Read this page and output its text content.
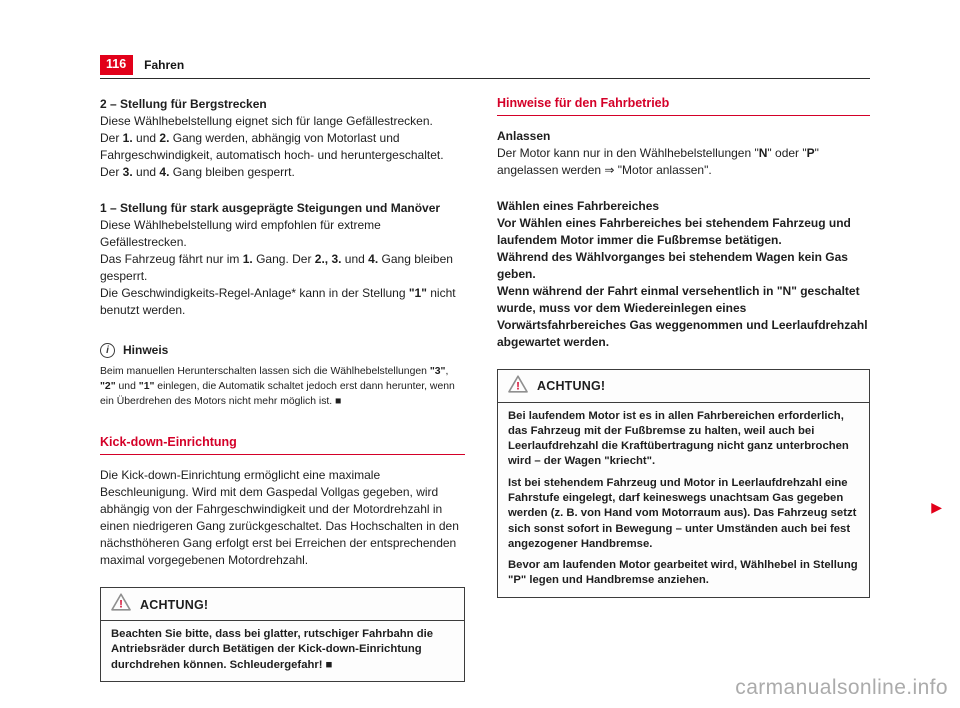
116	Fahren
2 – Stellung für Bergstrecken

Diese Wählhebelstellung eignet sich für lange Gefällestrecken.

Der 1. und 2. Gang werden, abhängig von Motorlast und Fahrgeschwindigkeit, automatisch hoch- und heruntergeschaltet. Der 3. und 4. Gang bleiben gesperrt.

1 – Stellung für stark ausgeprägte Steigungen und Manöver

Diese Wählhebelstellung wird empfohlen für extreme Gefällestrecken.

Das Fahrzeug fährt nur im 1. Gang. Der 2., 3. und 4. Gang bleiben gesperrt.

Die Geschwindigkeits-Regel-Anlage* kann in der Stellung "1" nicht benutzt werden.

i	Hinweis

Beim manuellen Herunterschalten lassen sich die Wählhebelstellungen "3", "2" und "1" einlegen, die Automatik schaltet jedoch erst dann herunter, wenn ein Überdrehen des Motors nicht mehr möglich ist. ■

Kick-down-Einrichtung

Die Kick-down-Einrichtung ermöglicht eine maximale Beschleunigung. Wird mit dem Gaspedal Vollgas gegeben, wird abhängig von der Fahrgeschwindigkeit und der Motordrehzahl in einen niedrigeren Gang zurückgeschaltet. Das Hochschalten in den nächsthöheren Gang erfolgt erst bei Erreichen der entsprechenden maximal vorgegebenen Motordrehzahl.

! ACHTUNG!

Beachten Sie bitte, dass bei glatter, rutschiger Fahrbahn die Antriebsräder durch Betätigen der Kick-down-Einrichtung durchdrehen können. Schleudergefahr! ■

Hinweise für den Fahrbetrieb
Anlassen

Der Motor kann nur in den Wählhebelstellungen "N" oder "P" angelassen werden ⇒ "Motor anlassen".

Wählen eines Fahrbereiches

Vor Wählen eines Fahrbereiches bei stehendem Fahrzeug und laufendem Motor immer die Fußbremse betätigen.

Während des Wählvorganges bei stehendem Wagen kein Gas geben.

Wenn während der Fahrt einmal versehentlich in "N" geschaltet wurde, muss vor dem Wiedereinlegen eines Vorwärtsfahrbereiches Gas weggenommen und Leerlaufdrehzahl abgewartet werden.

! ACHTUNG!

Bei laufendem Motor ist es in allen Fahrbereichen erforderlich, das Fahrzeug mit der Fußbremse zu halten, weil auch bei Leerlaufdrehzahl die Kraftübertragung nicht ganz unterbrochen wird – der Wagen "kriecht".

Ist bei stehendem Fahrzeug und Motor in Leerlaufdrehzahl eine Fahrstufe eingelegt, darf keineswegs unachtsam Gas gegeben werden (z. B. von Hand vom Motorraum aus). Das Fahrzeug setzt sich sonst sofort in Bewegung – unter Umständen auch bei fest angezogener Handbremse.

Bevor am laufenden Motor gearbeitet wird, Wählhebel in Stellung "P" legen und Handbremse anziehen.

▶
carmanualsonline.info
